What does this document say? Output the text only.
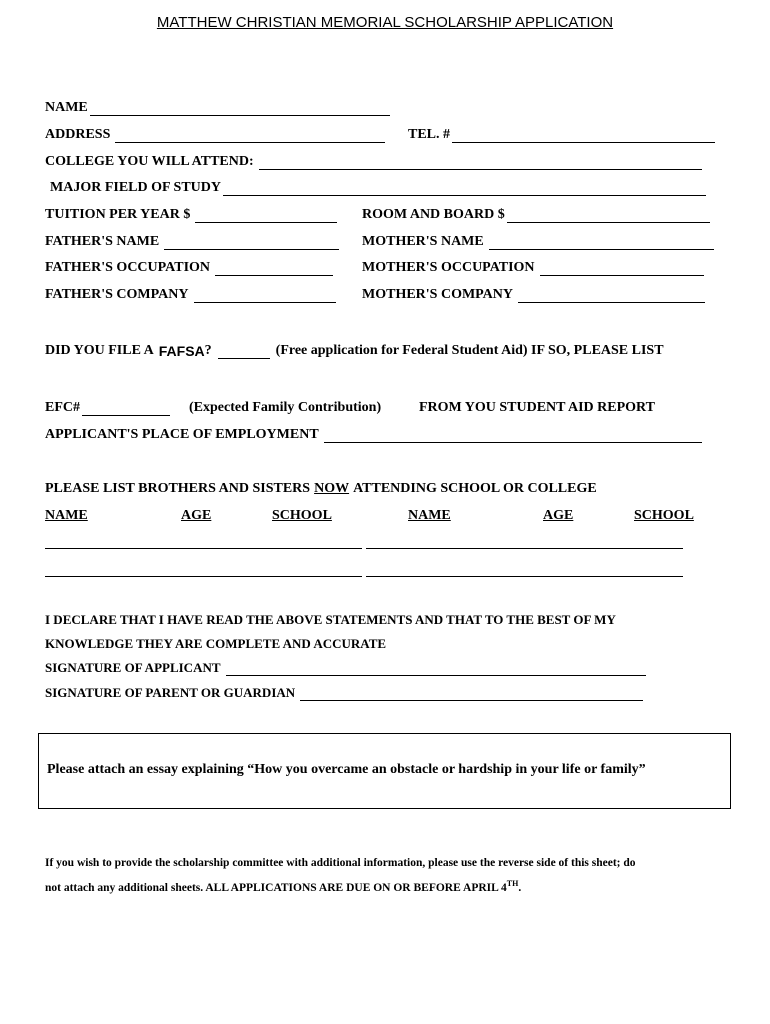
MATTHEW CHRISTIAN MEMORIAL SCHOLARSHIP APPLICATION
NAME
ADDRESS	TEL. #
COLLEGE YOU WILL ATTEND:
MAJOR FIELD OF STUDY
TUITION PER YEAR $	ROOM AND BOARD $
FATHER'S NAME	MOTHER'S NAME
FATHER'S OCCUPATION	MOTHER'S OCCUPATION
FATHER'S COMPANY	MOTHER'S COMPANY
DID YOU FILE A FAFSA ?	(Free application for Federal Student Aid) IF SO, PLEASE LIST
EFC#	(Expected Family Contribution)	FROM YOU STUDENT AID REPORT
APPLICANT'S PLACE OF EMPLOYMENT
PLEASE LIST BROTHERS AND SISTERS NOW ATTENDING SCHOOL OR COLLEGE
NAME	AGE	SCHOOL	NAME	AGE	SCHOOL
I DECLARE THAT I HAVE READ THE ABOVE STATEMENTS AND THAT TO THE BEST OF MY
KNOWLEDGE THEY ARE COMPLETE AND ACCURATE
SIGNATURE OF APPLICANT
SIGNATURE OF PARENT OR GUARDIAN
Please attach an essay explaining “How you overcame an obstacle or hardship in your life or family”
If you wish to provide the scholarship committee with additional information, please use the reverse side of this sheet; do
not attach any additional sheets. ALL APPLICATIONS ARE DUE ON OR BEFORE APRIL 4TH.
